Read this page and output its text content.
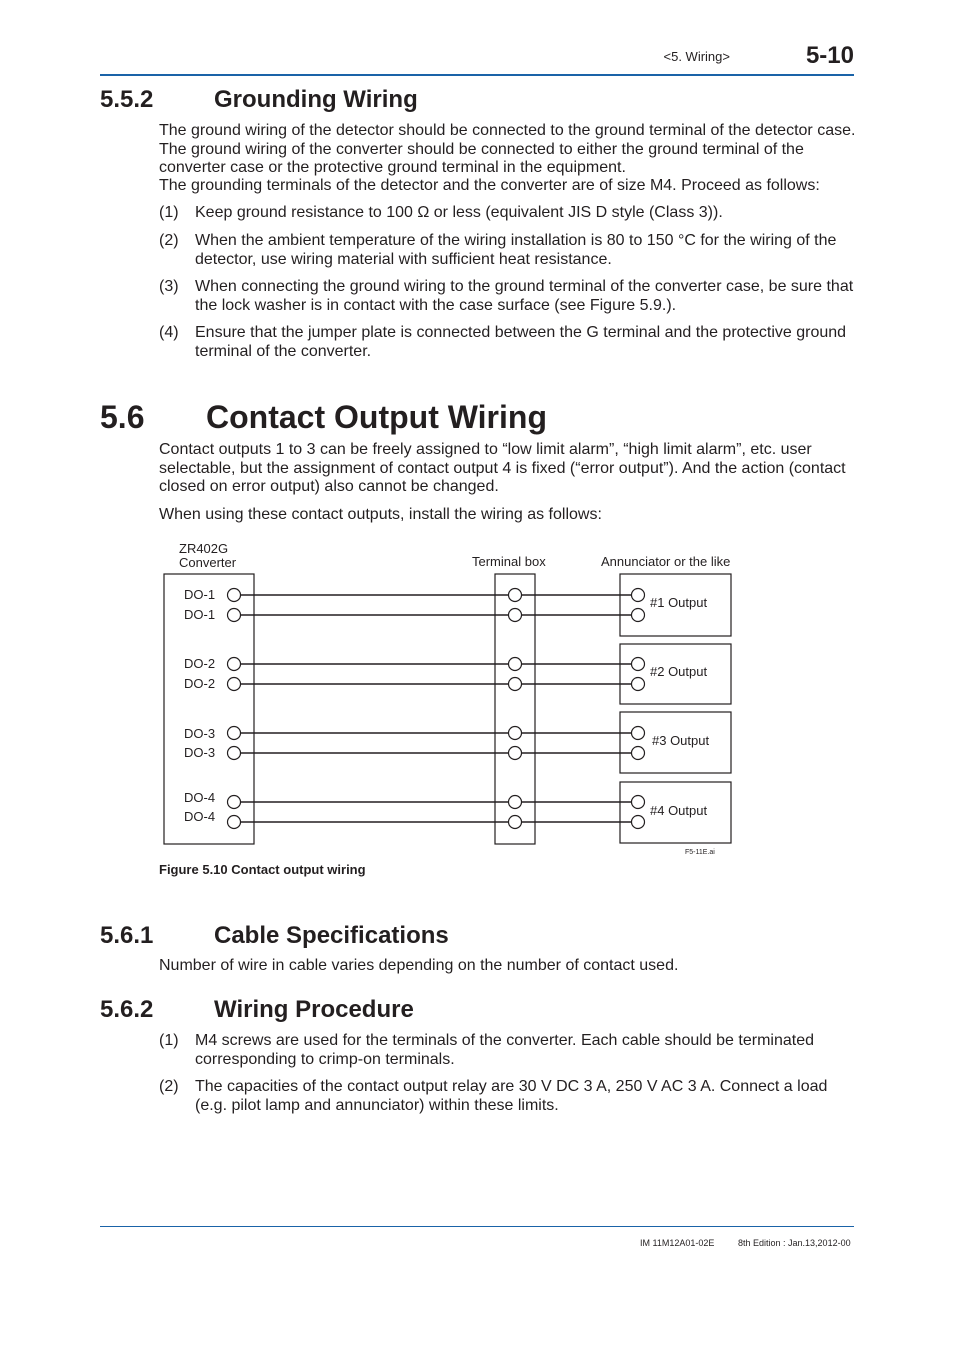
<5. Wiring>	5-10
5.5.2	Grounding Wiring

The ground wiring of the detector should be connected to the ground terminal of the detector case. The ground wiring of the converter should be connected to either the ground terminal of the converter case or the protective ground terminal in the equipment.

The grounding terminals of the detector and the converter are of size M4. Proceed as follows:

(1) Keep ground resistance to 100 Ω or less (equivalent JIS D style (Class 3)).
(2) When the ambient temperature of the wiring installation is 80 to 150 °C for the wiring of the detector, use wiring material with sufficient heat resistance.
(3) When connecting the ground wiring to the ground terminal of the converter case, be sure that the lock washer is in contact with the case surface (see Figure 5.9.).
(4) Ensure that the jumper plate is connected between the G terminal and the protective ground terminal of the converter.
5.6 Contact Output Wiring

Contact outputs 1 to 3 can be freely assigned to “low limit alarm”, “high limit alarm”, etc. user selectable, but the assignment of contact output 4 is fixed (“error output”). And the action (contact closed on error output) also cannot be changed.

When using these contact outputs, install the wiring as follows:

ZR402G
Converter	Terminal box	Annunciator or the like
DO-1
DO-1
DO-2
DO-2
DO-3
DO-3
DO-4
DO-4
#1 Output
#2 Output
#3 Output
#4 Output
F5-11E.ai
Figure 5.10 Contact output wiring
5.6.1	Cable Specifications

Number of wire in cable varies depending on the number of contact used.

5.6.2	Wiring Procedure
(1) M4 screws are used for the terminals of the converter. Each cable should be terminated corresponding to crimp-on terminals.
(2) The capacities of the contact output relay are 30 V DC 3 A, 250 V AC 3 A. Connect a load (e.g. pilot lamp and annunciator) within these limits.
IM 11M12A01-02E	8th Edition : Jan.13,2012-00
